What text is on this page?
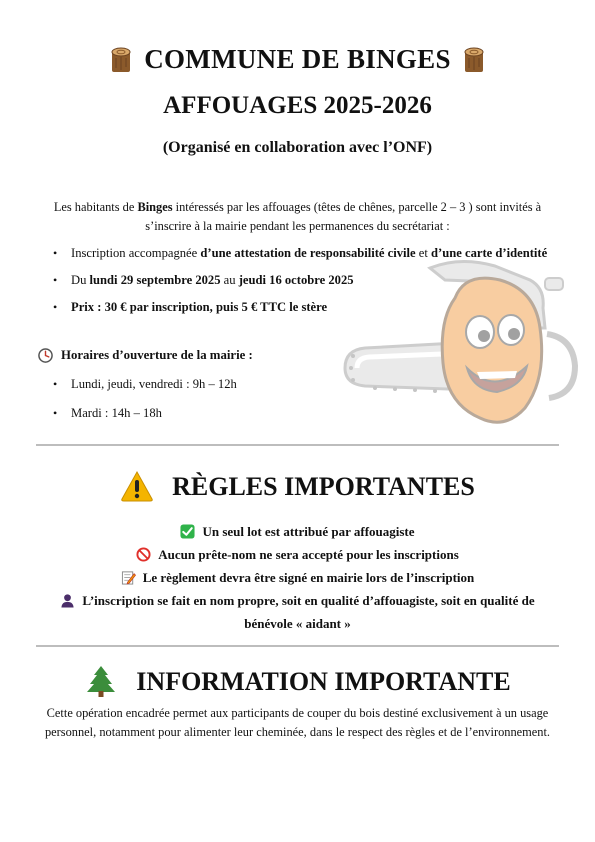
COMMUNE DE BINGES
AFFOUAGES 2025-2026
(Organisé en collaboration avec l’ONF)
Les habitants de Binges intéressés par les affouages (têtes de chênes, parcelle 2 – 3 ) sont invités à s’inscrire à la mairie pendant les permanences du secrétariat :
• Inscription accompagnée d’une attestation de responsabilité civile et d’une carte d’identité
• Du lundi 29 septembre 2025 au jeudi 16 octobre 2025
• Prix : 30 € par inscription, puis 5 € TTC le stère
Horaires d’ouverture de la mairie :
• Lundi, jeudi, vendredi : 9h – 12h
• Mardi : 14h – 18h
RÈGLES IMPORTANTES
Un seul lot est attribué par affouagiste
Aucun prête-nom ne sera accepté pour les inscriptions
Le règlement devra être signé en mairie lors de l’inscription
L’inscription se fait en nom propre, soit en qualité d’affouagiste, soit en qualité de bénévole « aidant »
INFORMATION IMPORTANTE
Cette opération encadrée permet aux participants de couper du bois destiné exclusivement à un usage personnel, notamment pour alimenter leur cheminée, dans le respect des règles et de l’environnement.
